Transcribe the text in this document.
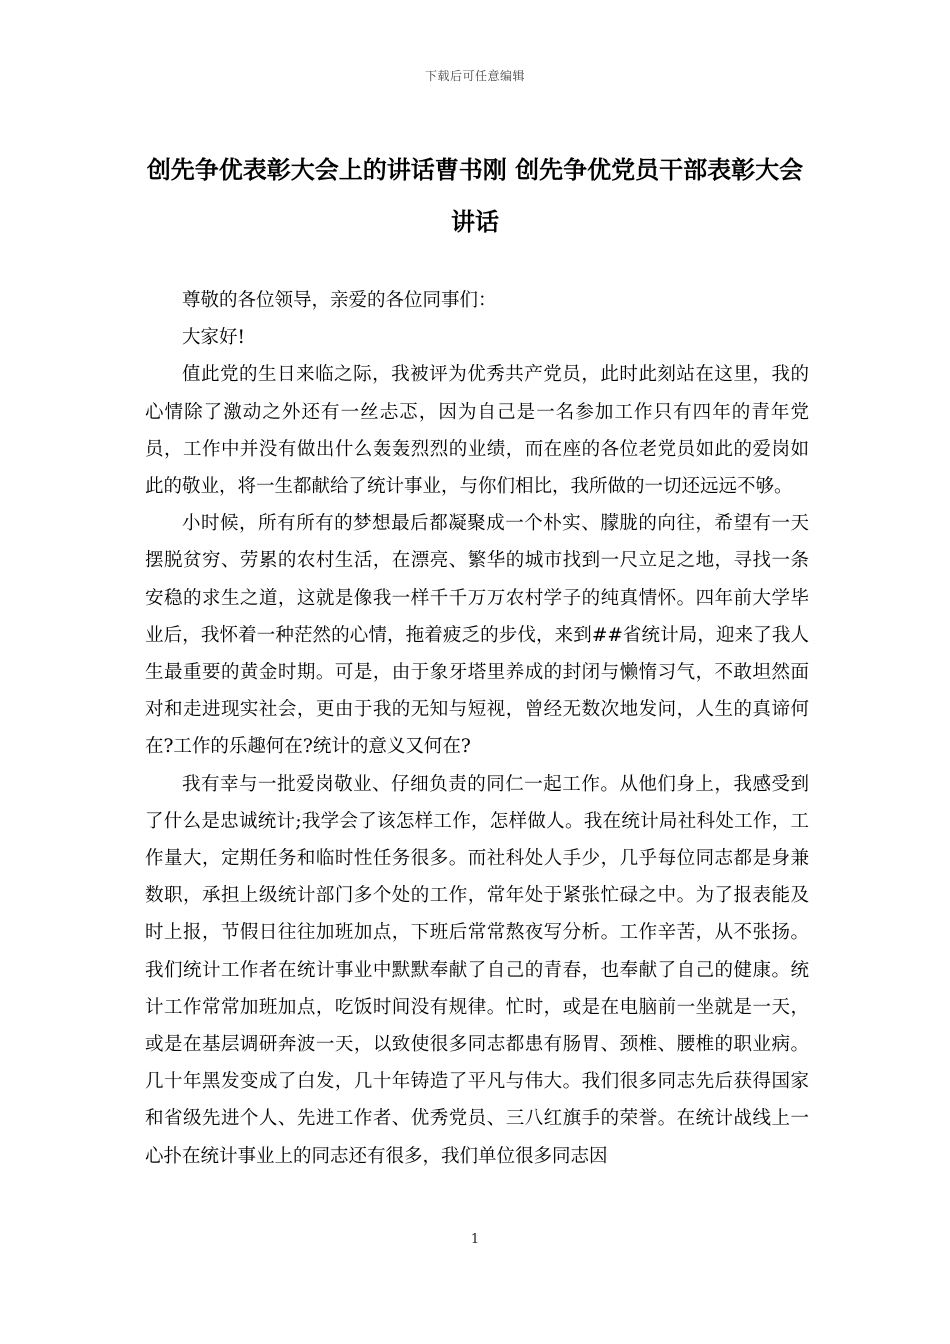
下载后可任意编辑
创先争优表彰大会上的讲话曹书刚 创先争优党员干部表彰大会讲话

尊敬的各位领导，亲爱的各位同事们：

大家好!

值此党的生日来临之际，我被评为优秀共产党员，此时此刻站在这里，我的心情除了激动之外还有一丝忐忑，因为自己是一名参加工作只有四年的青年党员，工作中并没有做出什么轰轰烈烈的业绩，而在座的各位老党员如此的爱岗如此的敬业，将一生都献给了统计事业，与你们相比，我所做的一切还远远不够。

小时候，所有所有的梦想最后都凝聚成一个朴实、朦胧的向往，希望有一天摆脱贫穷、劳累的农村生活，在漂亮、繁华的城市找到一尺立足之地，寻找一条安稳的求生之道，这就是像我一样千千万万农村学子的纯真情怀。四年前大学毕业后，我怀着一种茫然的心情，拖着疲乏的步伐，来到##省统计局，迎来了我人生最重要的黄金时期。可是，由于象牙塔里养成的封闭与懒惰习气，不敢坦然面对和走进现实社会，更由于我的无知与短视，曾经无数次地发问，人生的真谛何在?工作的乐趣何在?统计的意义又何在?

我有幸与一批爱岗敬业、仔细负责的同仁一起工作。从他们身上，我感受到了什么是忠诚统计;我学会了该怎样工作，怎样做人。我在统计局社科处工作，工作量大，定期任务和临时性任务很多。而社科处人手少，几乎每位同志都是身兼数职，承担上级统计部门多个处的工作，常年处于紧张忙碌之中。为了报表能及时上报，节假日往往加班加点，下班后常常熬夜写分析。工作辛苦，从不张扬。我们统计工作者在统计事业中默默奉献了自己的青春，也奉献了自己的健康。统计工作常常加班加点，吃饭时间没有规律。忙时，或是在电脑前一坐就是一天，或是在基层调研奔波一天，以致使很多同志都患有肠胃、颈椎、腰椎的职业病。几十年黑发变成了白发，几十年铸造了平凡与伟大。我们很多同志先后获得国家和省级先进个人、先进工作者、优秀党员、三八红旗手的荣誉。在统计战线上一心扑在统计事业上的同志还有很多，我们单位很多同志因

1
